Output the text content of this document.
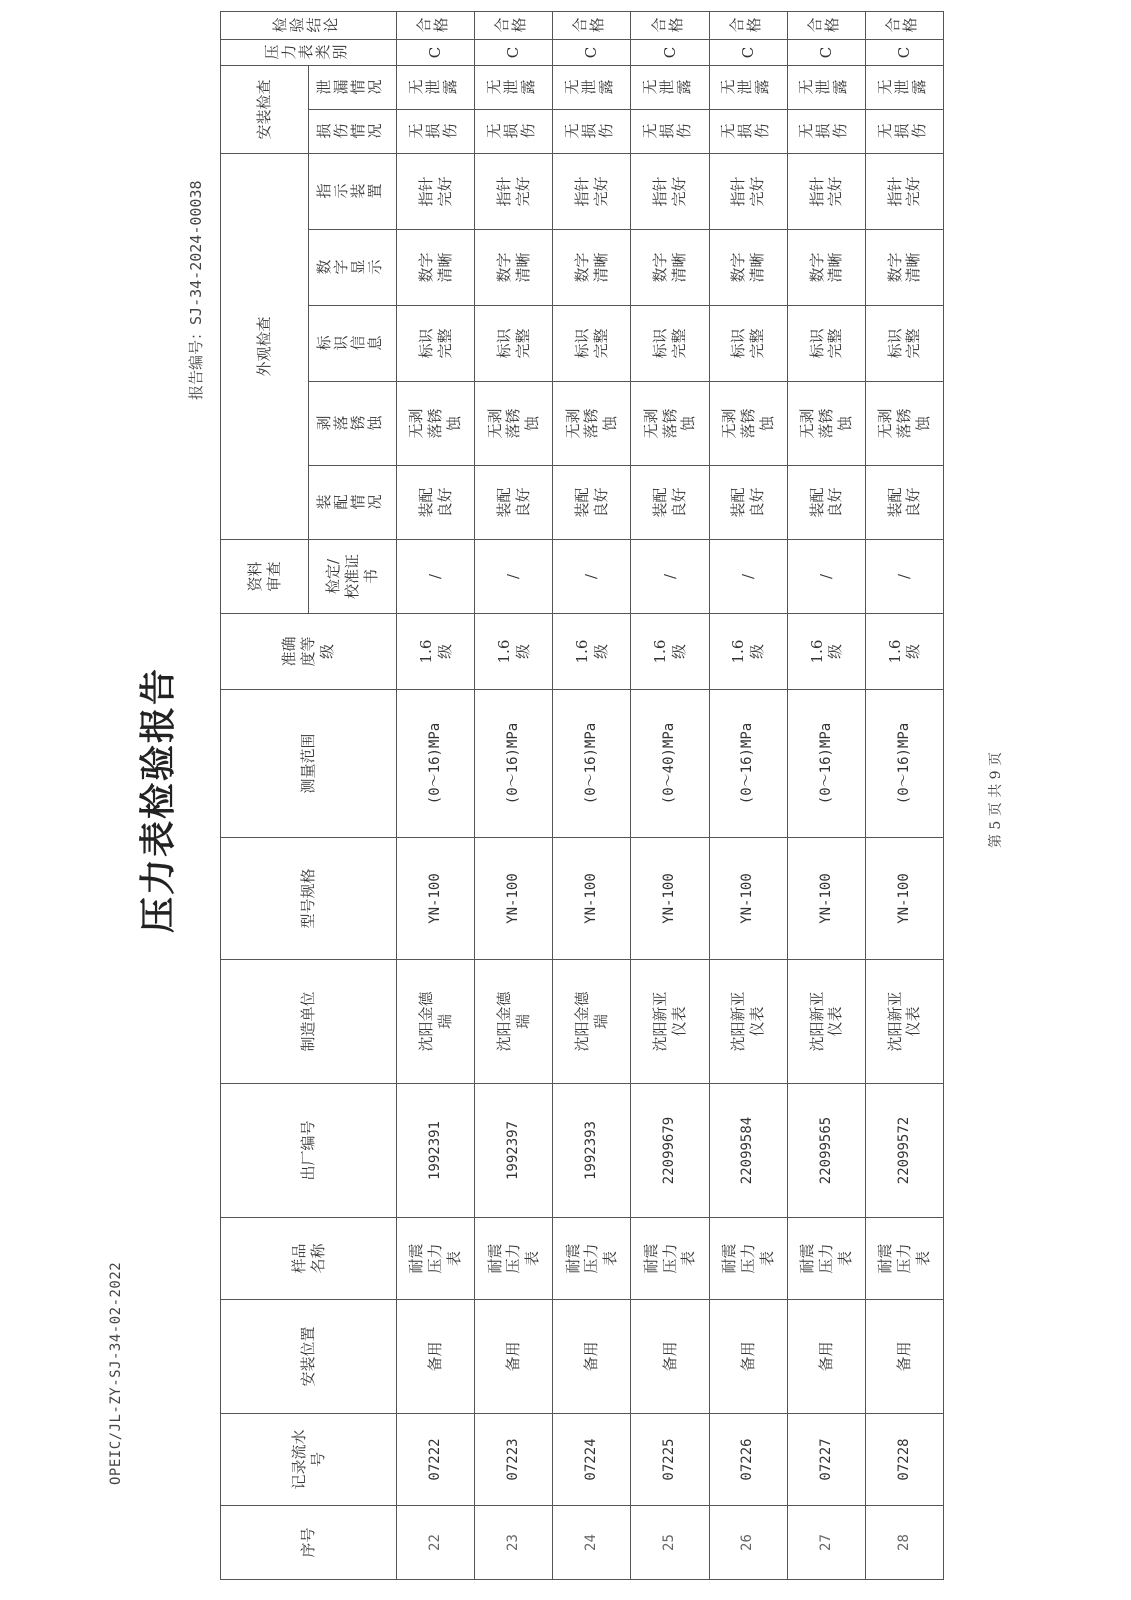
OPEIC/JL-ZY-SJ-34-02-2022
压力表检验报告
报告编号：SJ-34-2024-00038
序号	记录流水号	安装位置	样品名称	出厂编号	制造单位	型号规格	测量范围	准确度等级	资料审查	外观检查					安装检查		压力表类别	检验结论
									检定/校准证书	装配情况	剥落锈蚀	标识信息	数字显示	指示装置	损伤情况	泄漏情况		
22	07222	备用	耐震压力表	1992391	沈阳金德瑞	YN-100	(0～16)MPa	1.6级	/	装配良好	无剥落锈蚀	标识完整	数字清晰	指针完好	无损伤	无泄露	C	合格
23	07223	备用	耐震压力表	1992397	沈阳金德瑞	YN-100	(0～16)MPa	1.6级	/	装配良好	无剥落锈蚀	标识完整	数字清晰	指针完好	无损伤	无泄露	C	合格
24	07224	备用	耐震压力表	1992393	沈阳金德瑞	YN-100	(0～16)MPa	1.6级	/	装配良好	无剥落锈蚀	标识完整	数字清晰	指针完好	无损伤	无泄露	C	合格
25	07225	备用	耐震压力表	22099679	沈阳新亚仪表	YN-100	(0～40)MPa	1.6级	/	装配良好	无剥落锈蚀	标识完整	数字清晰	指针完好	无损伤	无泄露	C	合格
26	07226	备用	耐震压力表	22099584	沈阳新亚仪表	YN-100	(0～16)MPa	1.6级	/	装配良好	无剥落锈蚀	标识完整	数字清晰	指针完好	无损伤	无泄露	C	合格
27	07227	备用	耐震压力表	22099565	沈阳新亚仪表	YN-100	(0～16)MPa	1.6级	/	装配良好	无剥落锈蚀	标识完整	数字清晰	指针完好	无损伤	无泄露	C	合格
28	07228	备用	耐震压力表	22099572	沈阳新亚仪表	YN-100	(0～16)MPa	1.6级	/	装配良好	无剥落锈蚀	标识完整	数字清晰	指针完好	无损伤	无泄露	C	合格
第 5 页 共 9 页
